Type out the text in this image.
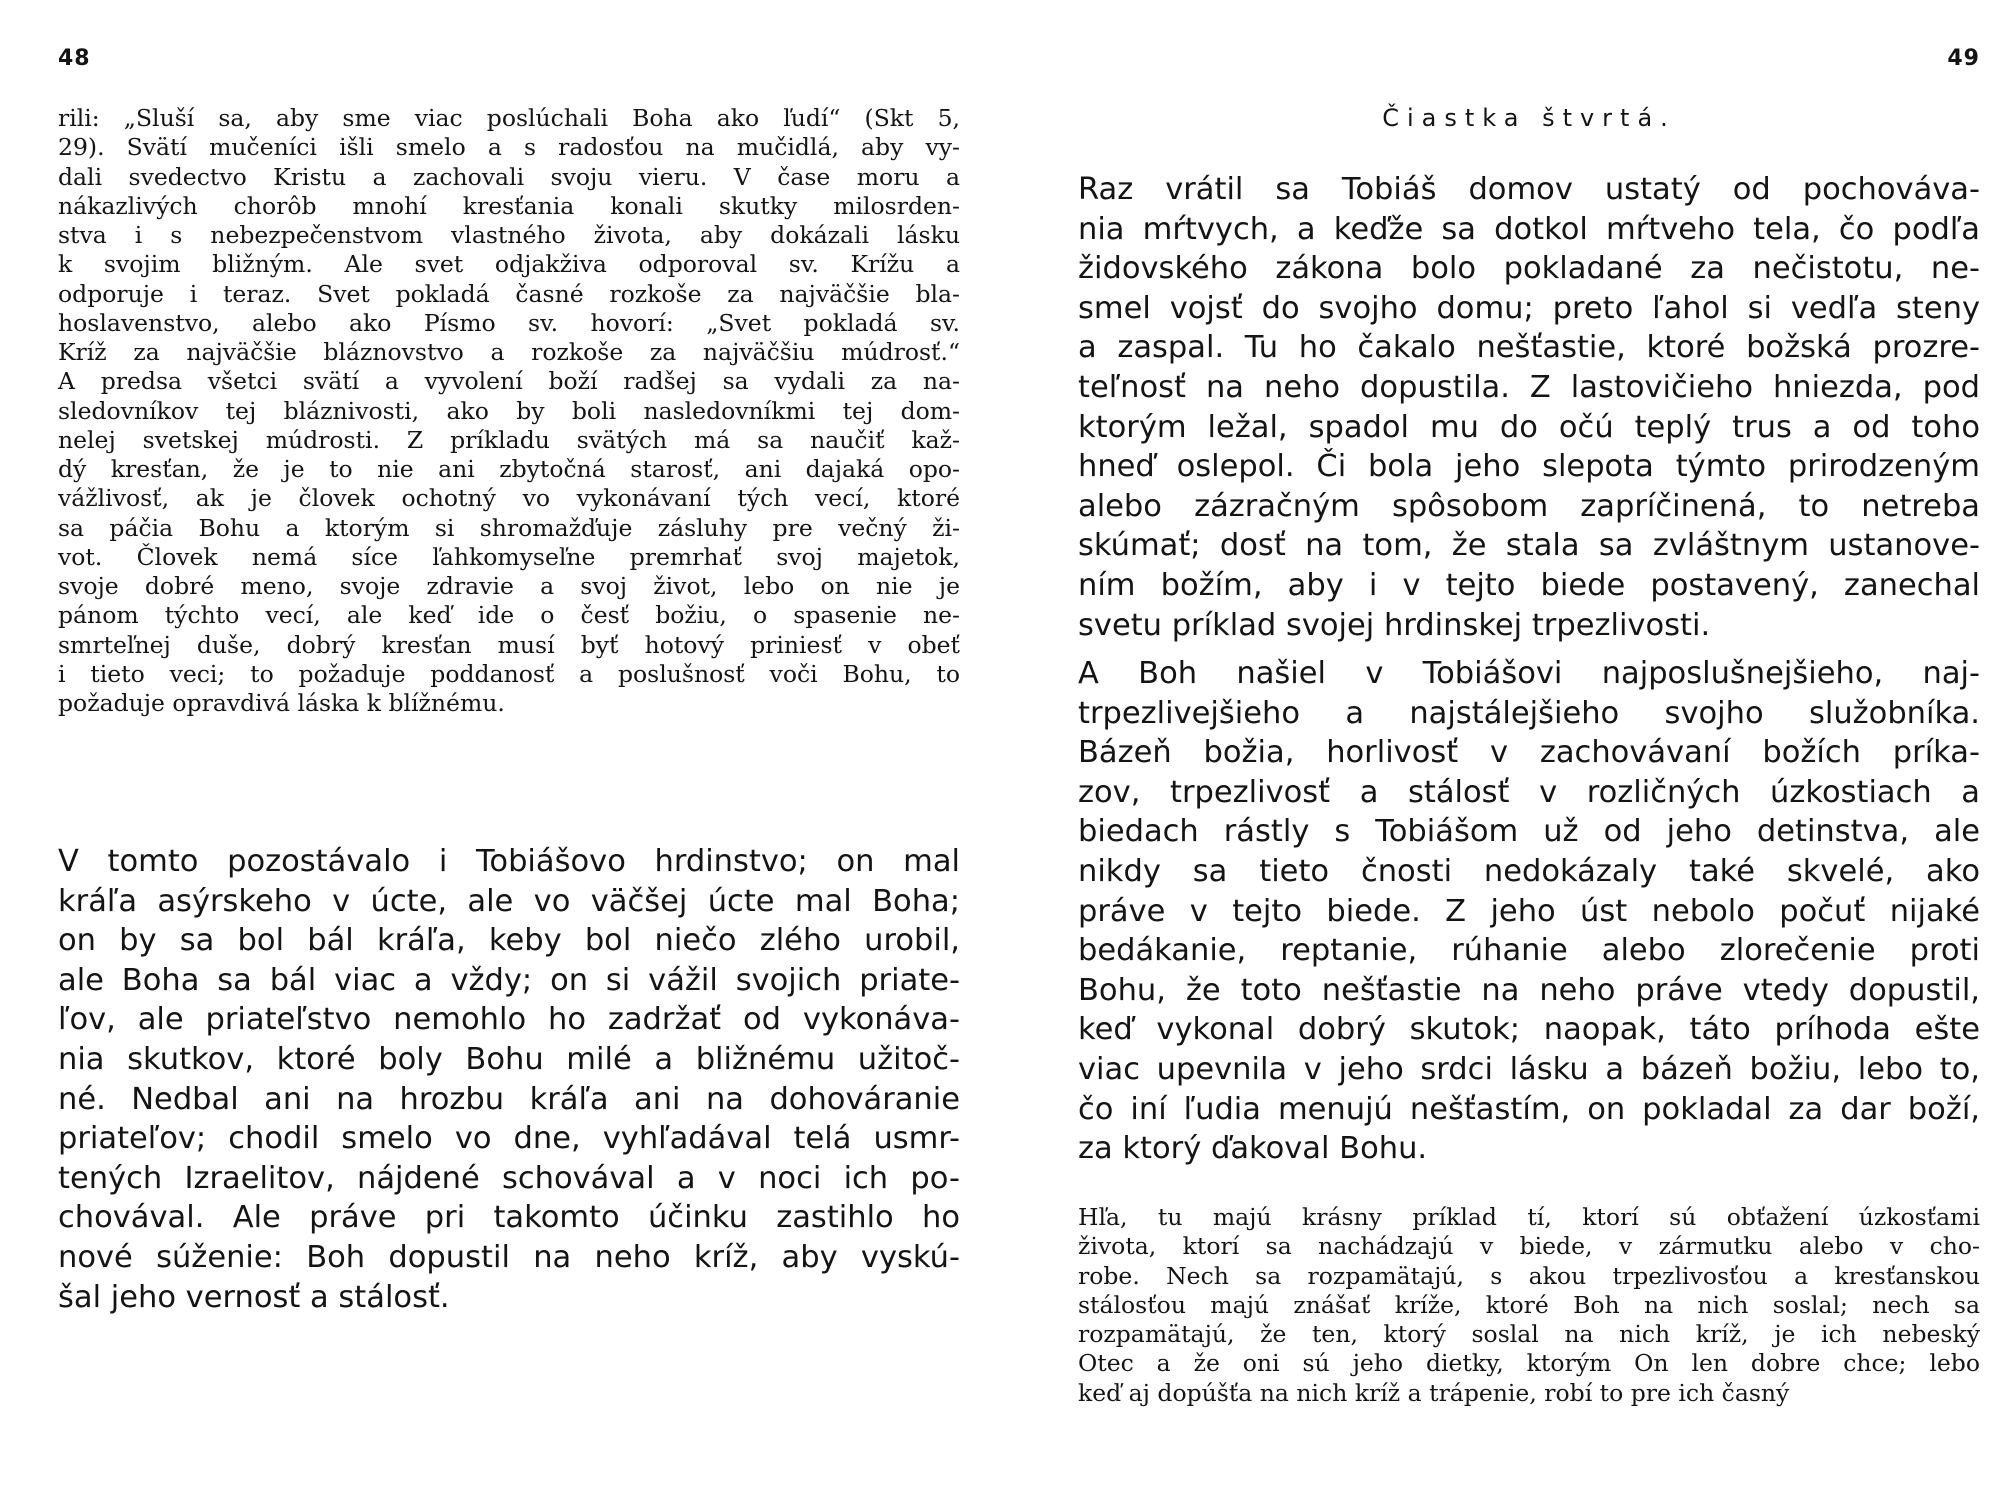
48
rili: „Sluší sa, aby sme viac poslúchali Boha ako ľudí“ (Skt 5,
29). Svätí mučeníci išli smelo a s radosťou na mučidlá, aby vy-
dali svedectvo Kristu a zachovali svoju vieru. V čase moru a
nákazlivých chorôb mnohí kresťania konali skutky milosrden-
stva i s nebezpečenstvom vlastného života, aby dokázali lásku
k svojim bližným. Ale svet odjakživa odporoval sv. Krížu a
odporuje i teraz. Svet pokladá časné rozkoše za najväčšie bla-
hoslavenstvo, alebo ako Písmo sv. hovorí: „Svet pokladá sv.
Kríž za najväčšie bláznovstvo a rozkoše za najväčšiu múdrosť.“
A predsa všetci svätí a vyvolení boží radšej sa vydali za na-
sledovníkov tej bláznivosti, ako by boli nasledovníkmi tej dom-
nelej svetskej múdrosti. Z príkladu svätých má sa naučiť kaž-
dý kresťan, že je to nie ani zbytočná starosť, ani dajaká opo-
vážlivosť, ak je človek ochotný vo vykonávaní tých vecí, ktoré
sa páčia Bohu a ktorým si shromažďuje zásluhy pre večný ži-
vot. Človek nemá síce ľahkomyseľne premrhať svoj majetok,
svoje dobré meno, svoje zdravie a svoj život, lebo on nie je
pánom týchto vecí, ale keď ide o česť božiu, o spasenie ne-
smrteľnej duše, dobrý kresťan musí byť hotový priniesť v obeť
i tieto veci; to požaduje poddanosť a poslušnosť voči Bohu, to
požaduje opravdivá láska k blížnému.
V tomto pozostávalo i Tobiášovo hrdinstvo; on mal
kráľa asýrskeho v úcte, ale vo väčšej úcte mal Boha;
on by sa bol bál kráľa, keby bol niečo zlého urobil,
ale Boha sa bál viac a vždy; on si vážil svojich priate-
ľov, ale priateľstvo nemohlo ho zadržať od vykonáva-
nia skutkov, ktoré boly Bohu milé a bližnému užitoč-
né. Nedbal ani na hrozbu kráľa ani na dohováranie
priateľov; chodil smelo vo dne, vyhľadával telá usmr-
tených Izraelitov, nájdené schovával a v noci ich po-
chovával. Ale práve pri takomto účinku zastihlo ho
nové súženie: Boh dopustil na neho kríž, aby vyskú-
šal jeho vernosť a stálosť.
49
Čiastka štvrtá.
Raz vrátil sa Tobiáš domov ustatý od pochováva-
nia mŕtvych, a keďže sa dotkol mŕtveho tela, čo podľa
židovského zákona bolo pokladané za nečistotu, ne-
smel vojsť do svojho domu; preto ľahol si vedľa steny
a zaspal. Tu ho čakalo nešťastie, ktoré božská prozre-
teľnosť na neho dopustila. Z lastovičieho hniezda, pod
ktorým ležal, spadol mu do očú teplý trus a od toho
hneď oslepol. Či bola jeho slepota týmto prirodzeným
alebo zázračným spôsobom zapríčinená, to netreba
skúmať; dosť na tom, že stala sa zvláštnym ustanove-
ním božím, aby i v tejto biede postavený, zanechal
svetu príklad svojej hrdinskej trpezlivosti.
A Boh našiel v Tobiášovi najposlušnejšieho, naj-
trpezlivejšieho a najstálejšieho svojho služobníka.
Bázeň božia, horlivosť v zachovávaní božích príka-
zov, trpezlivosť a stálosť v rozličných úzkostiach a
biedach rástly s Tobiášom už od jeho detinstva, ale
nikdy sa tieto čnosti nedokázaly také skvelé, ako
práve v tejto biede. Z jeho úst nebolo počuť nijaké
bedákanie, reptanie, rúhanie alebo zlorečenie proti
Bohu, že toto nešťastie na neho práve vtedy dopustil,
keď vykonal dobrý skutok; naopak, táto príhoda ešte
viac upevnila v jeho srdci lásku a bázeň božiu, lebo to,
čo iní ľudia menujú nešťastím, on pokladal za dar boží,
za ktorý ďakoval Bohu.
Hľa, tu majú krásny príklad tí, ktorí sú obťažení úzkosťami
života, ktorí sa nachádzajú v biede, v zármutku alebo v cho-
robe. Nech sa rozpamätajú, s akou trpezlivosťou a kresťanskou
stálosťou majú znášať kríže, ktoré Boh na nich soslal; nech sa
rozpamätajú, že ten, ktorý soslal na nich kríž, je ich nebeský
Otec a že oni sú jeho dietky, ktorým On len dobre chce; lebo
keď aj dopúšťa na nich kríž a trápenie, robí to pre ich časný
